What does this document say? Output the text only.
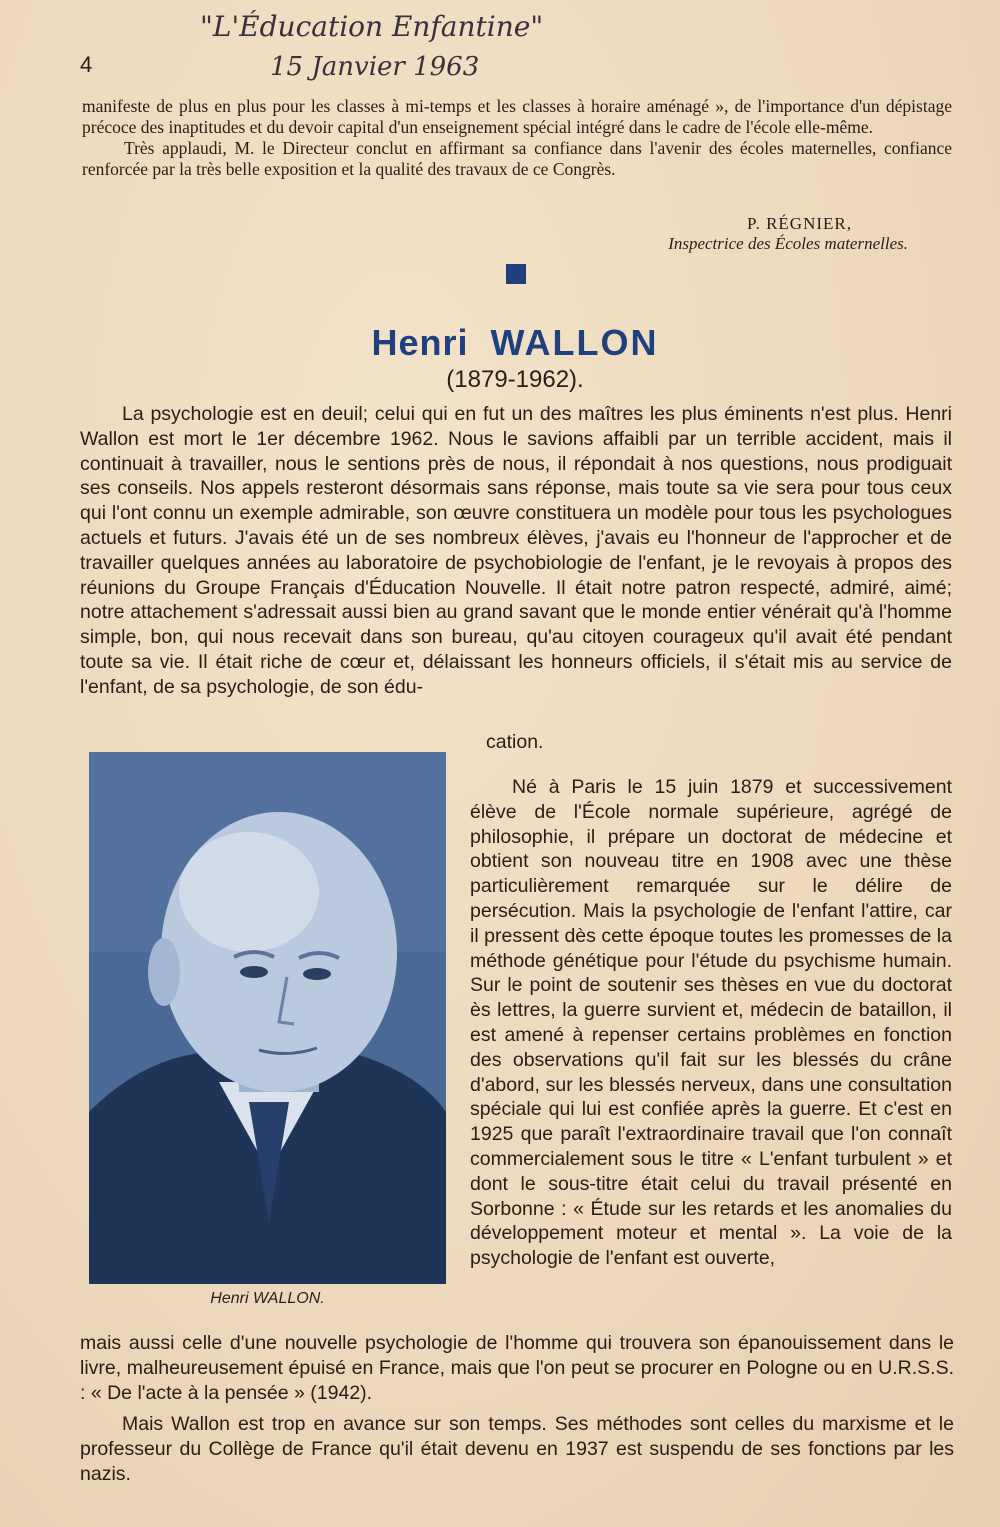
"L'Éducation Enfantine"
15 Janvier 1963
4

manifeste de plus en plus pour les classes à mi-temps et les classes à horaire aménagé », de l'importance d'un dépistage précoce des inaptitudes et du devoir capital d'un enseignement spécial intégré dans le cadre de l'école elle-même.

Très applaudi, M. le Directeur conclut en affirmant sa confiance dans l'avenir des écoles maternelles, confiance renforcée par la très belle exposition et la qualité des travaux de ce Congrès.

P. RÉGNIER,
Inspectrice des Écoles maternelles.
Henri WALLON
(1879-1962).

La psychologie est en deuil; celui qui en fut un des maîtres les plus éminents n'est plus. Henri Wallon est mort le 1er décembre 1962. Nous le savions affaibli par un terrible accident, mais il continuait à travailler, nous le sentions près de nous, il répondait à nos questions, nous prodiguait ses conseils. Nos appels resteront désormais sans réponse, mais toute sa vie sera pour tous ceux qui l'ont connu un exemple admirable, son œuvre constituera un modèle pour tous les psychologues actuels et futurs. J'avais été un de ses nombreux élèves, j'avais eu l'honneur de l'approcher et de travailler quelques années au laboratoire de psychobiologie de l'enfant, je le revoyais à propos des réunions du Groupe Français d'Éducation Nouvelle. Il était notre patron respecté, admiré, aimé; notre attachement s'adressait aussi bien au grand savant que le monde entier vénérait qu'à l'homme simple, bon, qui nous recevait dans son bureau, qu'au citoyen courageux qu'il avait été pendant toute sa vie. Il était riche de cœur et, délaissant les honneurs officiels, il s'était mis au service de l'enfant, de sa psychologie, de son édu-

cation.
Henri WALLON.

Né à Paris le 15 juin 1879 et successivement élève de l'École normale supérieure, agrégé de philosophie, il prépare un doctorat de médecine et obtient son nouveau titre en 1908 avec une thèse particulièrement remarquée sur le délire de persécution. Mais la psychologie de l'enfant l'attire, car il pressent dès cette époque toutes les promesses de la méthode génétique pour l'étude du psychisme humain. Sur le point de soutenir ses thèses en vue du doctorat ès lettres, la guerre survient et, médecin de bataillon, il est amené à repenser certains problèmes en fonction des observations qu'il fait sur les blessés du crâne d'abord, sur les blessés nerveux, dans une consultation spéciale qui lui est confiée après la guerre. Et c'est en 1925 que paraît l'extraordinaire travail que l'on connaît commercialement sous le titre « L'enfant turbulent » et dont le sous-titre était celui du travail présenté en Sorbonne : « Étude sur les retards et les anomalies du développement moteur et mental ». La voie de la psychologie de l'enfant est ouverte,

mais aussi celle d'une nouvelle psychologie de l'homme qui trouvera son épanouissement dans le livre, malheureusement épuisé en France, mais que l'on peut se procurer en Pologne ou en U.R.S.S. : « De l'acte à la pensée » (1942).

Mais Wallon est trop en avance sur son temps. Ses méthodes sont celles du marxisme et le professeur du Collège de France qu'il était devenu en 1937 est suspendu de ses fonctions par les nazis.
